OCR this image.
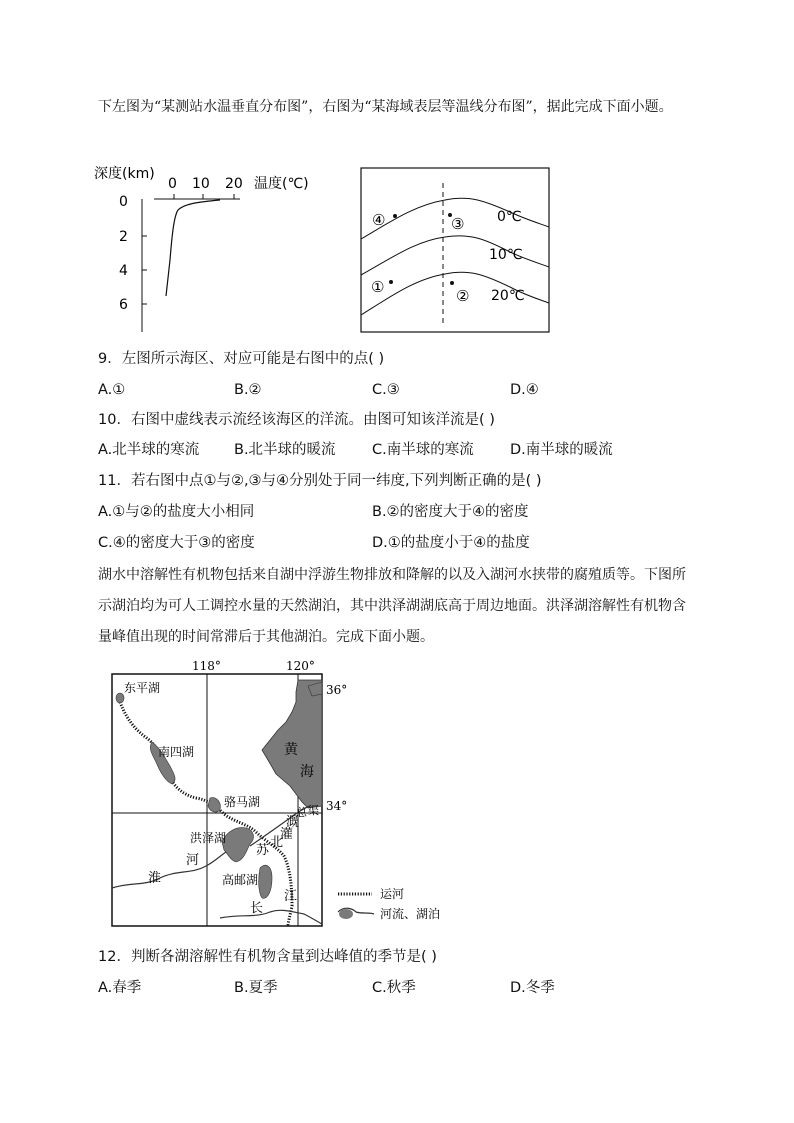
下左图为“某测站水温垂直分布图”，右图为“某海域表层等温线分布图”，据此完成下面小题。
深度(km)
0 10 20 温度(℃)
0
2
4
6
④	③
①	②
0℃
10℃
20℃
9．左图所示海区、对应可能是右图中的点( )
A.①	B.②	C.③	D.④
10．右图中虚线表示流经该海区的洋流。由图可知该洋流是( )
A.北半球的寒流 B.北半球的暖流	C.南半球的寒流	D.南半球的暖流
11．若右图中点①与②,③与④分别处于同一纬度,下列判断正确的是( )
A.①与②的盐度大小相同	B.②的密度大于④的密度
C.④的密度大于③的密度	D.①的盐度小于④的盐度
湖水中溶解性有机物包括来自湖中浮游生物排放和降解的以及入湖河水挟带的腐殖质等。下图所示湖泊均为可人工调控水量的天然湖泊，其中洪泽湖湖底高于周边地面。洪泽湖溶解性有机物含量峰值出现的时间常滞后于其他湖泊。完成下面小题。
118°	120°
36°
34°
黄
海
东平湖
南四湖
骆马湖
洪泽湖
高邮湖
苏
北
灌
溉
总 渠
淮
河
长
江	运河
河流、湖泊
12．判断各湖溶解性有机物含量到达峰值的季节是( )
A.春季	B.夏季	C.秋季	D.冬季
